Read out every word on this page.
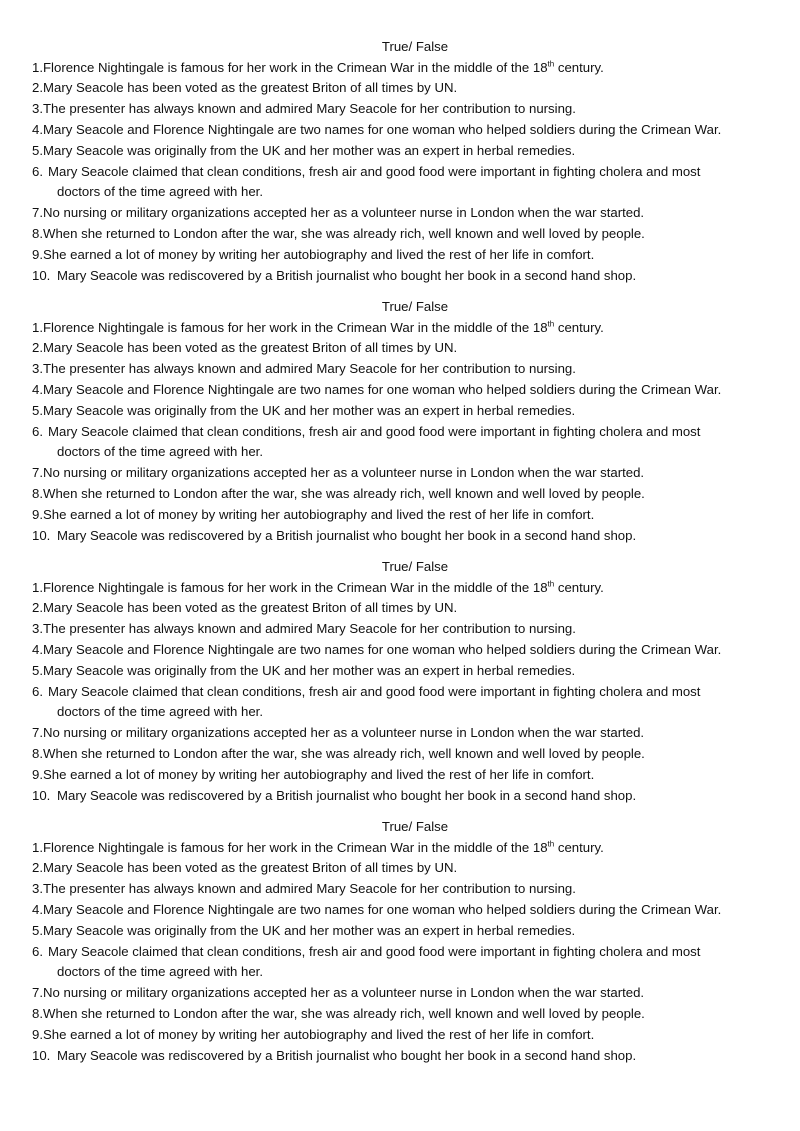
True/ False
1. Florence Nightingale is famous for her work in the Crimean War in the middle of the 18th century.
2. Mary Seacole has been voted as the greatest Briton of all times by UN.
3. The presenter has always known and admired Mary Seacole for her contribution to nursing.
4. Mary Seacole and Florence Nightingale are two names for one woman who helped soldiers during the Crimean War.
5. Mary Seacole was originally from the UK and her mother was an expert in herbal remedies.
6. Mary Seacole claimed that clean conditions, fresh air and good food were important in fighting cholera and most
doctors of the time agreed with her.
7. No nursing or military organizations accepted her as a volunteer nurse in London when the war started.
8. When she returned to London after the war, she was already rich, well known and well loved by people.
9. She earned a lot of money by writing her autobiography and lived the rest of her life in comfort.
10. Mary Seacole was rediscovered by a British journalist who bought her book in a second hand shop.
True/ False
1. Florence Nightingale is famous for her work in the Crimean War in the middle of the 18th century.
2. Mary Seacole has been voted as the greatest Briton of all times by UN.
3. The presenter has always known and admired Mary Seacole for her contribution to nursing.
4. Mary Seacole and Florence Nightingale are two names for one woman who helped soldiers during the Crimean War.
5. Mary Seacole was originally from the UK and her mother was an expert in herbal remedies.
6. Mary Seacole claimed that clean conditions, fresh air and good food were important in fighting cholera and most
doctors of the time agreed with her.
7. No nursing or military organizations accepted her as a volunteer nurse in London when the war started.
8. When she returned to London after the war, she was already rich, well known and well loved by people.
9. She earned a lot of money by writing her autobiography and lived the rest of her life in comfort.
10. Mary Seacole was rediscovered by a British journalist who bought her book in a second hand shop.
True/ False
1. Florence Nightingale is famous for her work in the Crimean War in the middle of the 18th century.
2. Mary Seacole has been voted as the greatest Briton of all times by UN.
3. The presenter has always known and admired Mary Seacole for her contribution to nursing.
4. Mary Seacole and Florence Nightingale are two names for one woman who helped soldiers during the Crimean War.
5. Mary Seacole was originally from the UK and her mother was an expert in herbal remedies.
6. Mary Seacole claimed that clean conditions, fresh air and good food were important in fighting cholera and most
doctors of the time agreed with her.
7. No nursing or military organizations accepted her as a volunteer nurse in London when the war started.
8. When she returned to London after the war, she was already rich, well known and well loved by people.
9. She earned a lot of money by writing her autobiography and lived the rest of her life in comfort.
10. Mary Seacole was rediscovered by a British journalist who bought her book in a second hand shop.
True/ False
1. Florence Nightingale is famous for her work in the Crimean War in the middle of the 18th century.
2. Mary Seacole has been voted as the greatest Briton of all times by UN.
3. The presenter has always known and admired Mary Seacole for her contribution to nursing.
4. Mary Seacole and Florence Nightingale are two names for one woman who helped soldiers during the Crimean War.
5. Mary Seacole was originally from the UK and her mother was an expert in herbal remedies.
6. Mary Seacole claimed that clean conditions, fresh air and good food were important in fighting cholera and most
doctors of the time agreed with her.
7. No nursing or military organizations accepted her as a volunteer nurse in London when the war started.
8. When she returned to London after the war, she was already rich, well known and well loved by people.
9. She earned a lot of money by writing her autobiography and lived the rest of her life in comfort.
10. Mary Seacole was rediscovered by a British journalist who bought her book in a second hand shop.
